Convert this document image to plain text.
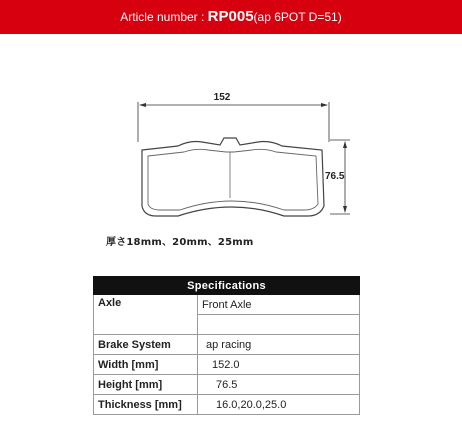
Article number : RP005(ap 6POT D=51)
152
76.5
厚さ18mm、20mm、25mm
Specifications	
Axle	Front Axle

Brake System	ap racing
Width [mm]	152.0
Height [mm]	76.5
Thickness [mm]	16.0,20.0,25.0
